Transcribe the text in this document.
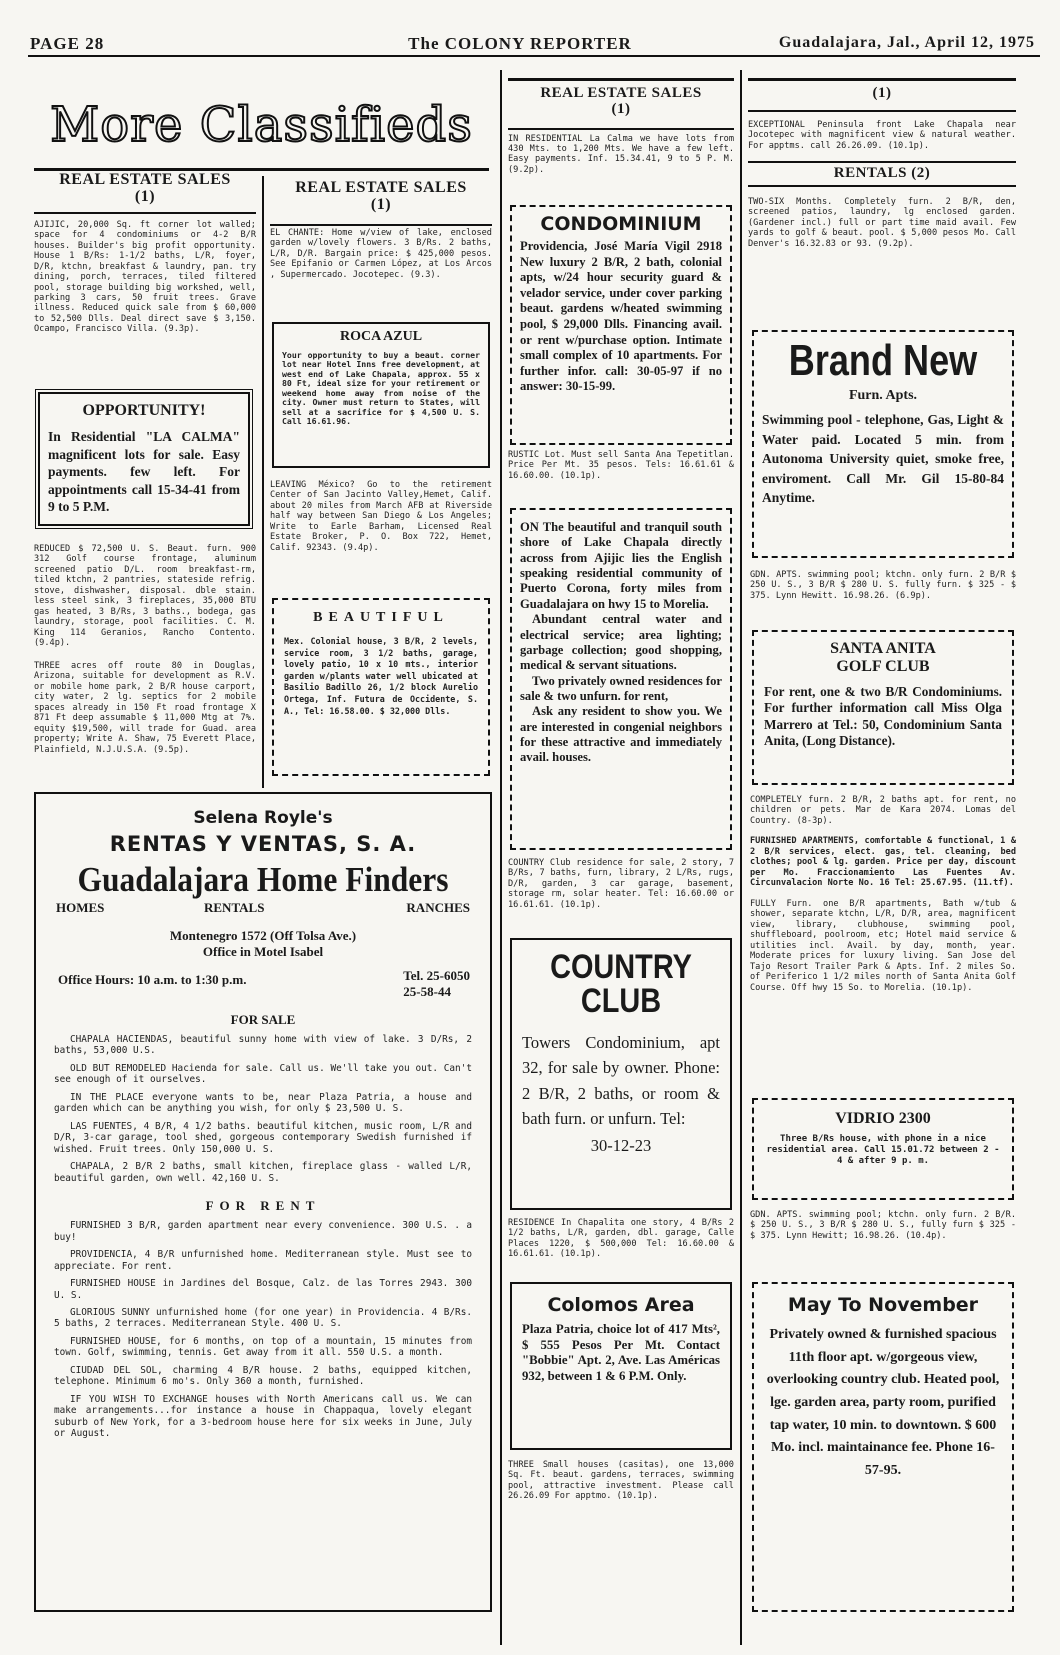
PAGE 28	The COLONY REPORTER	Guadalajara, Jal., April 12, 1975
More Classifieds
REAL ESTATE SALES
(1)
AJIJIC, 20,000 Sq. ft corner lot walled; space for 4 condominiums or 4-2 B/R houses. Builder's big profit opportunity. House 1 B/Rs: 1-1/2 baths, L/R, foyer, D/R, ktchn, breakfast & laundry, pan. try dining, porch, terraces, tiled filtered pool, storage building big workshed, well, parking 3 cars, 50 fruit trees. Grave illness. Reduced quick sale from $ 60,000 to 52,500 Dlls. Deal direct save $ 3,150. Ocampo, Francisco Villa. (9.3p).
OPPORTUNITY!
In Residential "LA CALMA" magnificent lots for sale. Easy payments. few left. For appointments call 15-34-41 from 9 to 5 P.M.
REDUCED $ 72,500 U. S. Beaut. furn. 900 312 Golf course frontage, aluminum screened patio D/L. room breakfast-rm, tiled ktchn, 2 pantries, stateside refrig. stove, dishwasher, disposal. dble stain. less steel sink, 3 fireplaces, 35,000 BTU gas heated, 3 B/Rs, 3 baths., bodega, gas laundry, storage, pool facilities. C. M. King 114 Geranios, Rancho Contento. (9.4p).
THREE acres off route 80 in Douglas, Arizona, suitable for development as R.V. or mobile home park, 2 B/R house carport, city water, 2 lg. septics for 2 mobile spaces already in 150 Ft road frontage X 871 Ft deep assumable $ 11,000 Mtg at 7%. equity $19,500, will trade for Guad. area property; Write A. Shaw, 75 Everett Place, Plainfield, N.J.U.S.A. (9.5p).
REAL ESTATE SALES
(1)
EL CHANTE: Home w/view of lake, enclosed garden w/lovely flowers. 3 B/Rs. 2 baths, L/R, D/R. Bargain price: $ 425,000 pesos. See Epifanio or Carmen López, at Los Arcos , Supermercado. Jocotepec. (9.3).
ROCA AZUL
Your opportunity to buy a beaut. corner lot near Hotel Inns free development, at west end of Lake Chapala, approx. 55 x 80 Ft, ideal size for your retirement or weekend home away from noise of the city. Owner must return to States, will sell at a sacrifice for $ 4,500 U. S. Call 16.61.96.
LEAVING México? Go to the retirement Center of San Jacinto Valley,Hemet, Calif. about 20 miles from March AFB at Riverside half way between San Diego & Los Angeles; Write to Earle Barham, Licensed Real Estate Broker, P. O. Box 722, Hemet, Calif. 92343. (9.4p).
BEAUTIFUL
Mex. Colonial house, 3 B/R, 2 levels, service room, 3 1/2 baths, garage, lovely patio, 10 x 10 mts., interior garden w/plants water well ubicated at Basilio Badillo 26, 1/2 block Aurelio Ortega, Inf. Futura de Occidente, S. A., Tel: 16.58.00. $ 32,000 Dlls.
Selena Royle's
RENTAS Y VENTAS, S. A.
Guadalajara Home Finders
HOMES	RENTALS	RANCHES
Montenegro 1572 (Off Tolsa Ave.)
Office in Motel Isabel
Office Hours: 10 a.m. to 1:30 p.m.	Tel. 25-6050
25-58-44
FOR SALE
CHAPALA HACIENDAS, beautiful sunny home with view of lake. 3 D/Rs, 2 baths, 53,000 U.S.
OLD BUT REMODELED Hacienda for sale. Call us. We'll take you out. Can't see enough of it ourselves.
IN THE PLACE everyone wants to be, near Plaza Patria, a house and garden which can be anything you wish, for only $ 23,500 U. S.
LAS FUENTES, 4 B/R, 4 1/2 baths. beautiful kitchen, music room, L/R and D/R, 3-car garage, tool shed, gorgeous contemporary Swedish furnished if wished. Fruit trees. Only 150,000 U. S.
CHAPALA, 2 B/R 2 baths, small kitchen, fireplace glass - walled L/R, beautiful garden, own well. 42,160 U. S.
FOR RENT
FURNISHED 3 B/R, garden apartment near every convenience. 300 U.S. . a buy!
PROVIDENCIA, 4 B/R unfurnished home. Mediterranean style. Must see to appreciate. For rent.
FURNISHED HOUSE in Jardines del Bosque, Calz. de las Torres 2943. 300 U. S.
GLORIOUS SUNNY unfurnished home (for one year) in Providencia. 4 B/Rs. 5 baths, 2 terraces. Mediterranean Style. 400 U. S.
FURNISHED HOUSE, for 6 months, on top of a mountain, 15 minutes from town. Golf, swimming, tennis. Get away from it all. 550 U.S. a month.
CIUDAD DEL SOL, charming 4 B/R house. 2 baths, equipped kitchen, telephone. Minimum 6 mo's. Only 360 a month, furnished.
IF YOU WISH TO EXCHANGE houses with North Americans call us. We can make arrangements...for instance a house in Chappaqua, lovely elegant suburb of New York, for a 3-bedroom house here for six weeks in June, July or August.
REAL ESTATE SALES
(1)
IN RESIDENTIAL La Calma we have lots from 430 Mts. to 1,200 Mts. We have a few left. Easy payments. Inf. 15.34.41, 9 to 5 P. M. (9.2p).
CONDOMINIUM
Providencia, José María Vigil 2918 New luxury 2 B/R, 2 bath, colonial apts, w/24 hour security guard & velador service, under cover parking beaut. gardens w/heated swimming pool, $ 29,000 Dlls. Financing avail. or rent w/purchase option. Intimate small complex of 10 apartments. For further infor. call: 30-05-97 if no answer: 30-15-99.
RUSTIC Lot. Must sell Santa Ana Tepetitlan. Price Per Mt. 35 pesos. Tels: 16.61.61 & 16.60.00. (10.1p).
ON The beautiful and tranquil south shore of Lake Chapala directly across from Ajijic lies the English speaking residential community of Puerto Corona, forty miles from Guadalajara on hwy 15 to Morelia.
Abundant central water and electrical service; area lighting; garbage collection; good shopping, medical & servant situations.
Two privately owned residences for sale & two unfurn. for rent,
Ask any resident to show you. We are interested in congenial neighbors for these attractive and immediately avail. houses.
COUNTRY Club residence for sale, 2 story, 7 B/Rs, 7 baths, furn, library, 2 L/Rs, rugs, D/R, garden, 3 car garage, basement, storage rm, solar heater. Tel: 16.60.00 or 16.61.61. (10.1p).
COUNTRY
CLUB
Towers Condominium, apt 32, for sale by owner. Phone: 2 B/R, 2 baths, or room & bath furn. or unfurn. Tel:
30-12-23
RESIDENCE In Chapalita one story, 4 B/Rs 2 1/2 baths, L/R, garden, dbl. garage, Calle Places 1220, $ 500,000 Tel: 16.60.00 & 16.61.61. (10.1p).
Colomos Area
Plaza Patria, choice lot of 417 Mts², $ 555 Pesos Per Mt. Contact "Bobbie" Apt. 2, Ave. Las Américas 932, between 1 & 6 P.M. Only.
THREE Small houses (casitas), one 13,000 Sq. Ft. beaut. gardens, terraces, swimming pool, attractive investment. Please call 26.26.09 For apptmo. (10.1p).
(1)
EXCEPTIONAL Peninsula front Lake Chapala near Jocotepec with magnificent view & natural weather. For apptms. call 26.26.09. (10.1p).
RENTALS (2)
TWO-SIX Months. Completely furn. 2 B/R, den, screened patios, laundry, lg enclosed garden. (Gardener incl.) full or part time maid avail. Few yards to golf & beaut. pool. $ 5,000 pesos Mo. Call Denver's 16.32.83 or 93. (9.2p).
Brand New
Furn. Apts.
Swimming pool - telephone, Gas, Light & Water paid. Located 5 min. from Autonoma University quiet, smoke free, enviroment. Call Mr. Gil 15-80-84 Anytime.
GDN. APTS. swimming pool; ktchn. only furn. 2 B/R $ 250 U. S., 3 B/R $ 280 U. S. fully furn. $ 325 - $ 375. Lynn Hewitt. 16.98.26. (6.9p).
SANTA ANITA
GOLF CLUB
For rent, one & two B/R Condominiums. For further information call Miss Olga Marrero at Tel.: 50, Condominium Santa Anita, (Long Distance).
COMPLETELY furn. 2 B/R, 2 baths apt. for rent, no children or pets. Mar de Kara 2074. Lomas del Country. (8-3p).
FURNISHED APARTMENTS, comfortable & functional, 1 & 2 B/R services, elect. gas, tel. cleaning, bed clothes; pool & lg. garden. Price per day, discount per Mo. Fraccionamiento Las Fuentes Av. Circunvalacion Norte No. 16 Tel: 25.67.95. (11.tf).
FULLY Furn. one B/R apartments, Bath w/tub & shower, separate ktchn, L/R, D/R, area, magnificent view, library, clubhouse, swimming pool, shuffleboard, poolroom, etc; Hotel maid service & utilities incl. Avail. by day, month, year. Moderate prices for luxury living. San Jose del Tajo Resort Trailer Park & Apts. Inf. 2 miles So. of Periferico 1 1/2 miles north of Santa Anita Golf Course. Off hwy 15 So. to Morelia. (10.1p).
VIDRIO 2300
Three B/Rs house, with phone in a nice residential area. Call 15.01.72 between 2 - 4 & after 9 p. m.
GDN. APTS. swimming pool; ktchn. only furn. 2 B/R. $ 250 U. S., 3 B/R $ 280 U. S., fully furn $ 325 - $ 375. Lynn Hewitt; 16.98.26. (10.4p).
May To November
Privately owned & furnished spacious 11th floor apt. w/gorgeous view, overlooking country club. Heated pool, lge. garden area, party room, purified tap water, 10 min. to downtown. $ 600 Mo. incl. maintainance fee. Phone 16-57-95.
